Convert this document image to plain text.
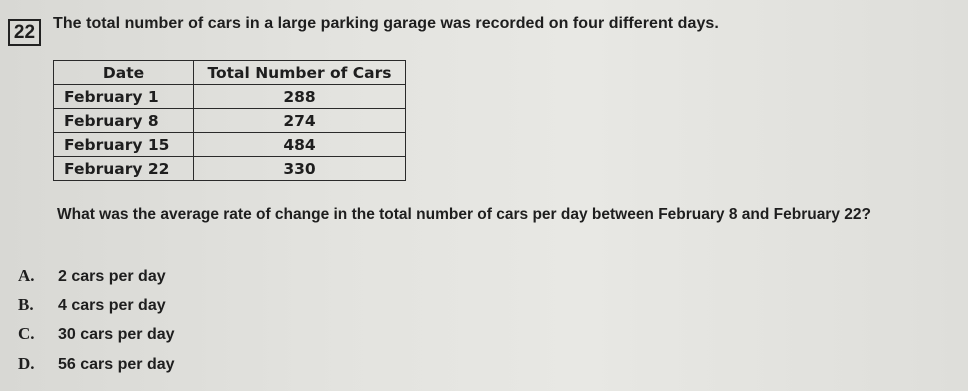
22	The total number of cars in a large parking garage was recorded on four different days.
Date	Total Number of Cars
February 1	288
February 8	274
February 15	484
February 22	330
What was the average rate of change in the total number of cars per day between February 8 and February 22?
A. 2 cars per day
B. 4 cars per day
C. 30 cars per day
D. 56 cars per day
